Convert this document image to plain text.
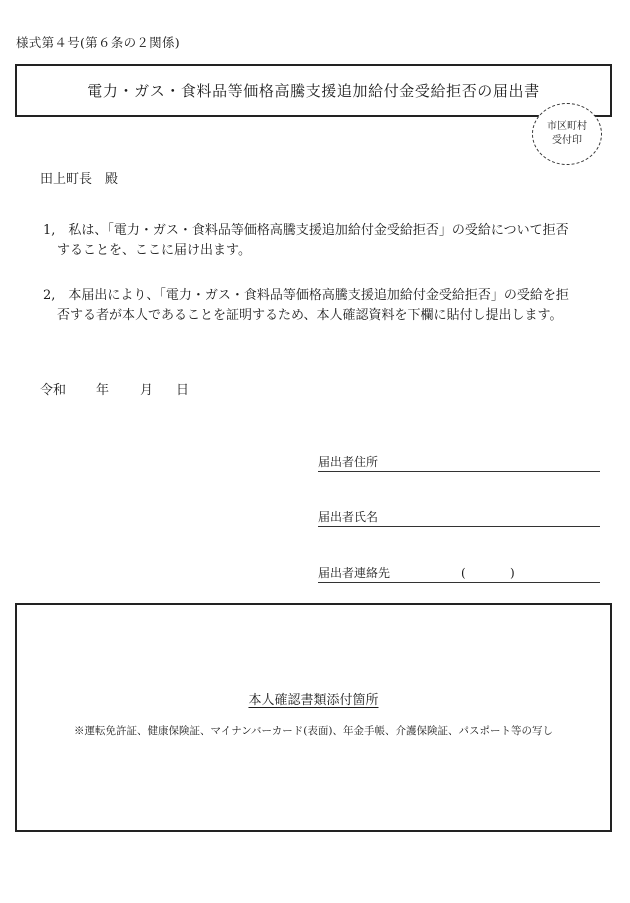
様式第４号(第６条の２関係)
電力・ガス・食料品等価格高騰支援追加給付金受給拒否の届出書
市区町村
受付印
田上町長　殿
1,　私は、「電力・ガス・食料品等価格高騰支援追加給付金受給拒否」の受給について拒否
することを、ここに届け出ます。
2,　本届出により、「電力・ガス・食料品等価格高騰支援追加給付金受給拒否」の受給を拒
否する者が本人であることを証明するため、本人確認資料を下欄に貼付し提出します。
令和	年	月	日
届出者住所
届出者氏名
届出者連絡先	(	)
本人確認書類添付箇所
※運転免許証、健康保険証、マイナンバーカード(表面)、年金手帳、介護保険証、パスポート等の写し
